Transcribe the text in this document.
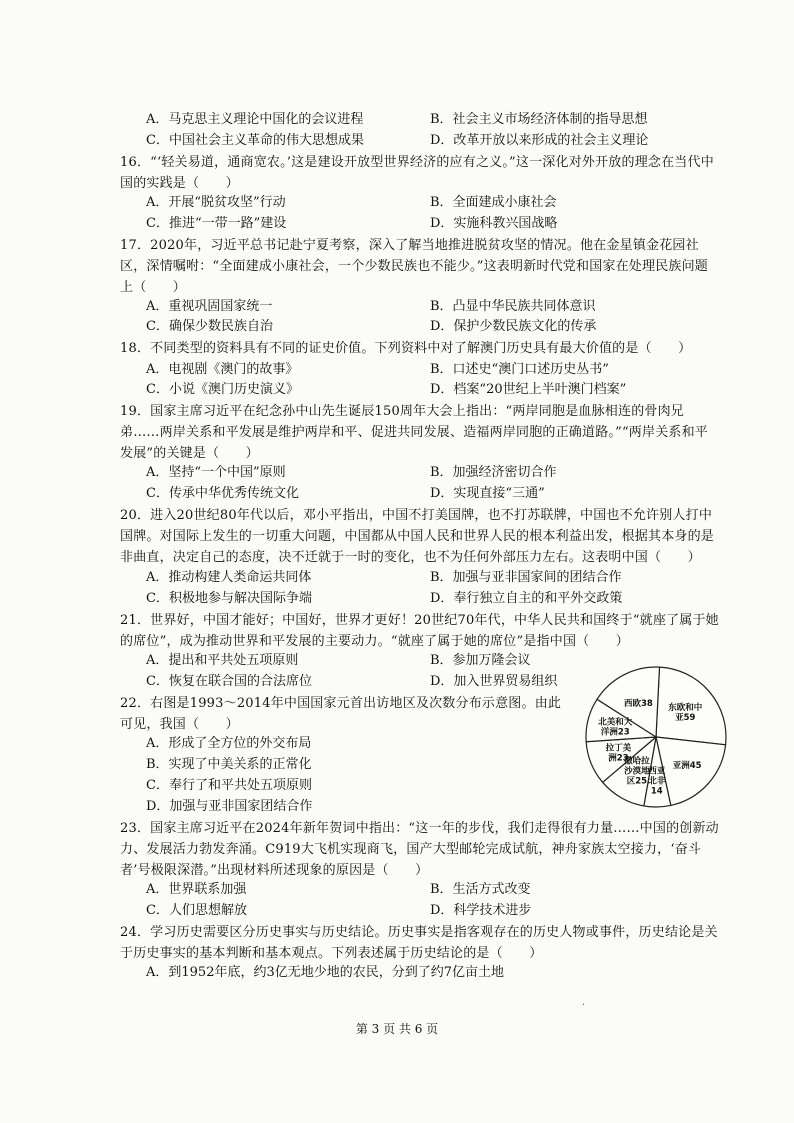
A．马克思主义理论中国化的会议进程	B．社会主义市场经济体制的指导思想
C．中国社会主义革命的伟大思想成果	D．改革开放以来形成的社会主义理论

16．“‘轻关易道，通商宽农。’这是建设开放型世界经济的应有之义。”这一深化对外开放的理念在当代中国的实践是（　　）

A．开展“脱贫攻坚”行动	B．全面建成小康社会
C．推进“一带一路”建设	D．实施科教兴国战略

17．2020年，习近平总书记赴宁夏考察，深入了解当地推进脱贫攻坚的情况。他在金星镇金花园社区，深情嘱咐：“全面建成小康社会，一个少数民族也不能少。”这表明新时代党和国家在处理民族问题上（　　）

A．重视巩固国家统一	B．凸显中华民族共同体意识
C．确保少数民族自治	D．保护少数民族文化的传承

18．不同类型的资料具有不同的证史价值。下列资料中对了解澳门历史具有最大价值的是（　　）

A．电视剧《澳门的故事》	B．口述史“澳门口述历史丛书”
C．小说《澳门历史演义》	D．档案“20世纪上半叶澳门档案”

19．国家主席习近平在纪念孙中山先生诞辰150周年大会上指出：“两岸同胞是血脉相连的骨肉兄弟……两岸关系和平发展是维护两岸和平、促进共同发展、造福两岸同胞的正确道路。”“两岸关系和平发展”的关键是（　　）

A．坚持“一个中国”原则	B．加强经济密切合作
C．传承中华优秀传统文化	D．实现直接“三通”

20．进入20世纪80年代以后，邓小平指出，中国不打美国牌，也不打苏联牌，中国也不允许别人打中国牌。对国际上发生的一切重大问题，中国都从中国人民和世界人民的根本利益出发，根据其本身的是非曲直，决定自己的态度，决不迁就于一时的变化，也不为任何外部压力左右。这表明中国（　　）

A．推动构建人类命运共同体	B．加强与亚非国家间的团结合作
C．积极地参与解决国际争端	D．奉行独立自主的和平外交政策

21．世界好，中国才能好；中国好，世界才更好！20世纪70年代，中华人民共和国终于“就座了属于她的席位”，成为推动世界和平发展的主要动力。“就座了属于她的席位”是指中国（　　）

A．提出和平共处五项原则	B．参加万隆会议
C．恢复在联合国的合法席位	D．加入世界贸易组织

22．右图是1993～2014年中国国家元首出访地区及次数分布示意图。由此可见，我国（　　）

A．形成了全方位的外交布局
B．实现了中美关系的正常化
C．奉行了和平共处五项原则
D．加强与亚非国家团结合作
东欧和中亚59
亚洲45
西亚北非 14
撒哈拉沙漠地区25
拉丁美洲23
北美和大洋洲23
西欧38

23．国家主席习近平在2024年新年贺词中指出：“这一年的步伐，我们走得很有力量……中国的创新动力、发展活力勃发奔涌。C919大飞机实现商飞，国产大型邮轮完成试航，神舟家族太空接力，‘奋斗者’号极限深潜。”出现材料所述现象的原因是（　　）

A．世界联系加强	B．生活方式改变
C．人们思想解放	D．科学技术进步

24．学习历史需要区分历史事实与历史结论。历史事实是指客观存在的历史人物或事件，历史结论是关于历史事实的基本判断和基本观点。下列表述属于历史结论的是（　　）

A．到1952年底，约3亿无地少地的农民，分到了约7亿亩土地
·
第 3 页 共 6 页
